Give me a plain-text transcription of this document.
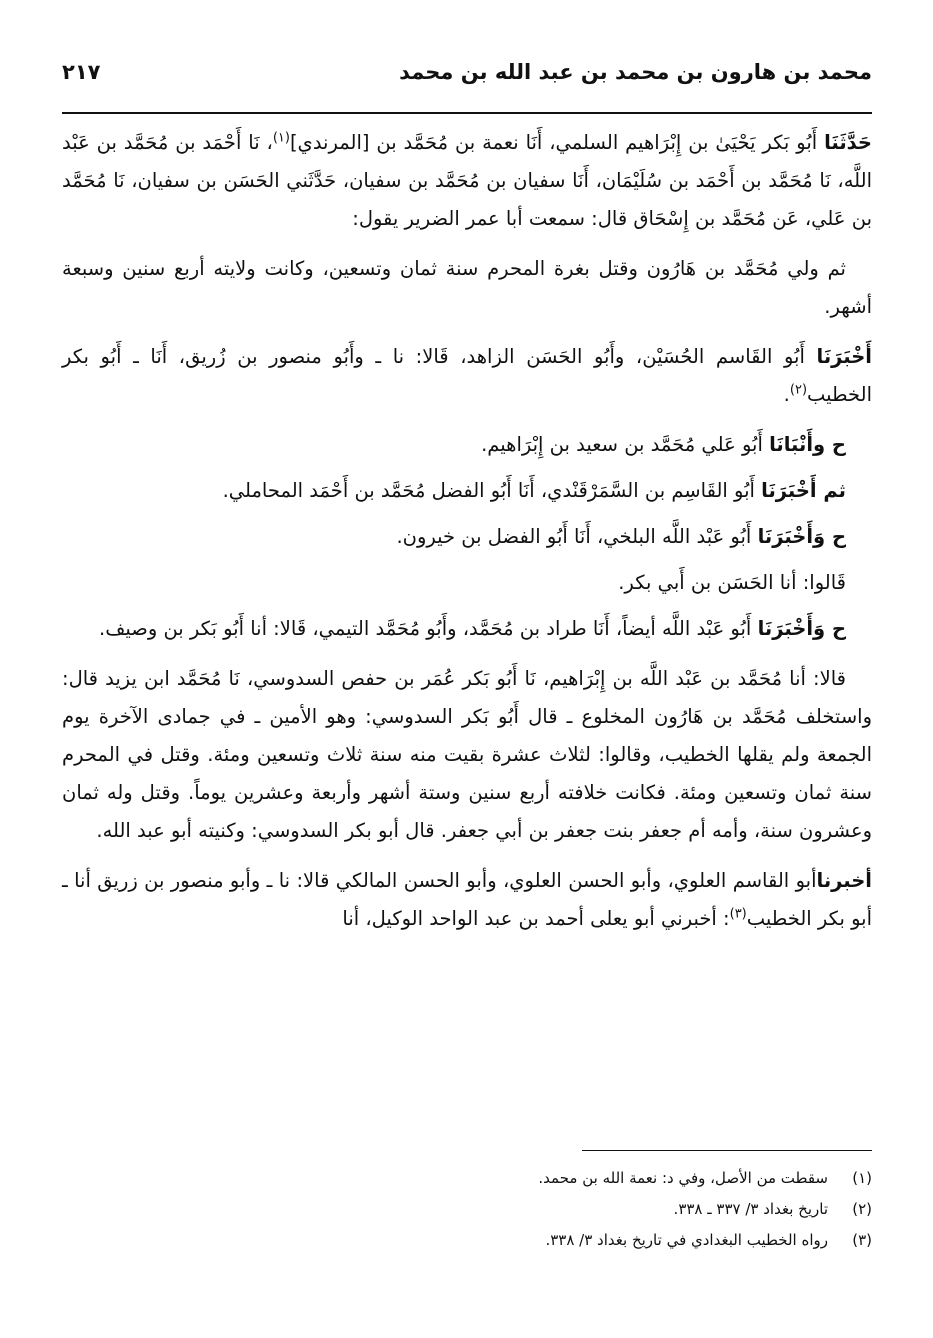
محمد بن هارون بن محمد بن عبد الله بن محمد
٢١٧

حَدَّثَنَا أَبُو بَكر يَحْيَىٰ بن إِبْرَاهيم السلمي، أَنَا نعمة بن مُحَمَّد بن [المرندي]$^{(١)}$، نَا أَحْمَد بن مُحَمَّد بن عَبْد اللَّه، نَا مُحَمَّد بن أَحْمَد بن سُلَيْمَان، أَنَا سفيان بن مُحَمَّد بن سفيان، حَدَّثَني الحَسَن بن سفيان، نَا مُحَمَّد بن عَلي، عَن مُحَمَّد بن إِسْحَاق قال: سمعت أبا عمر الضرير يقول:

ثم ولي مُحَمَّد بن هَارُون وقتل بغرة المحرم سنة ثمان وتسعين، وكانت ولايته أربع سنين وسبعة أشهر.

أَخْبَرَنَا أَبُو القَاسم الحُسَيْن، وأَبُو الحَسَن الزاهد، قَالا: نا ـ وأَبُو منصور بن زُريق، أَنَا ـ أَبُو بكر الخطيب$^{(٢)}$.

ح وأَنْبَانَا أَبُو عَلي مُحَمَّد بن سعيد بن إِبْرَاهيم.

ثم أَخْبَرَنَا أَبُو القَاسِم بن السَّمَرْقَنْدي، أَنَا أَبُو الفضل مُحَمَّد بن أَحْمَد المحاملي.

ح وَأَخْبَرَنَا أَبُو عَبْد اللَّه البلخي، أَنَا أَبُو الفضل بن خيرون.

قَالوا: أنا الحَسَن بن أَبي بكر.

ح وَأَخْبَرَنَا أَبُو عَبْد اللَّه أيضاً، أَنَا طراد بن مُحَمَّد، وأَبُو مُحَمَّد التيمي، قَالا: أنا أَبُو بَكر بن وصيف.

قالا: أنا مُحَمَّد بن عَبْد اللَّه بن إِبْرَاهيم، نَا أَبُو بَكر عُمَر بن حفص السدوسي، نَا مُحَمَّد ابن يزيد قال: واستخلف مُحَمَّد بن هَارُون المخلوع ـ قال أَبُو بَكر السدوسي: وهو الأمين ـ في جمادى الآخرة يوم الجمعة ولم يقلها الخطيب، وقالوا: لثلاث عشرة بقيت منه سنة ثلاث وتسعين ومئة. وقتل في المحرم سنة ثمان وتسعين ومئة. فكانت خلافته أربع سنين وستة أشهر وأربعة وعشرين يوماً. وقتل وله ثمان وعشرون سنة، وأمه أم جعفر بنت جعفر بن أبي جعفر. قال أبو بكر السدوسي: وكنيته أبو عبد الله.

أخبرناأبو القاسم العلوي، وأبو الحسن العلوي، وأبو الحسن المالكي قالا: نا ـ وأبو منصور بن زريق أنا ـ أبو بكر الخطيب$^{(٣)}$: أخبرني أبو يعلى أحمد بن عبد الواحد الوكيل، أنا

(١)
سقطت من الأصل، وفي د: نعمة الله بن محمد.
(٢)
تاريخ بغداد ٣/ ٣٣٧ ـ ٣٣٨.
(٣)
رواه الخطيب البغدادي في تاريخ بغداد ٣/ ٣٣٨.
